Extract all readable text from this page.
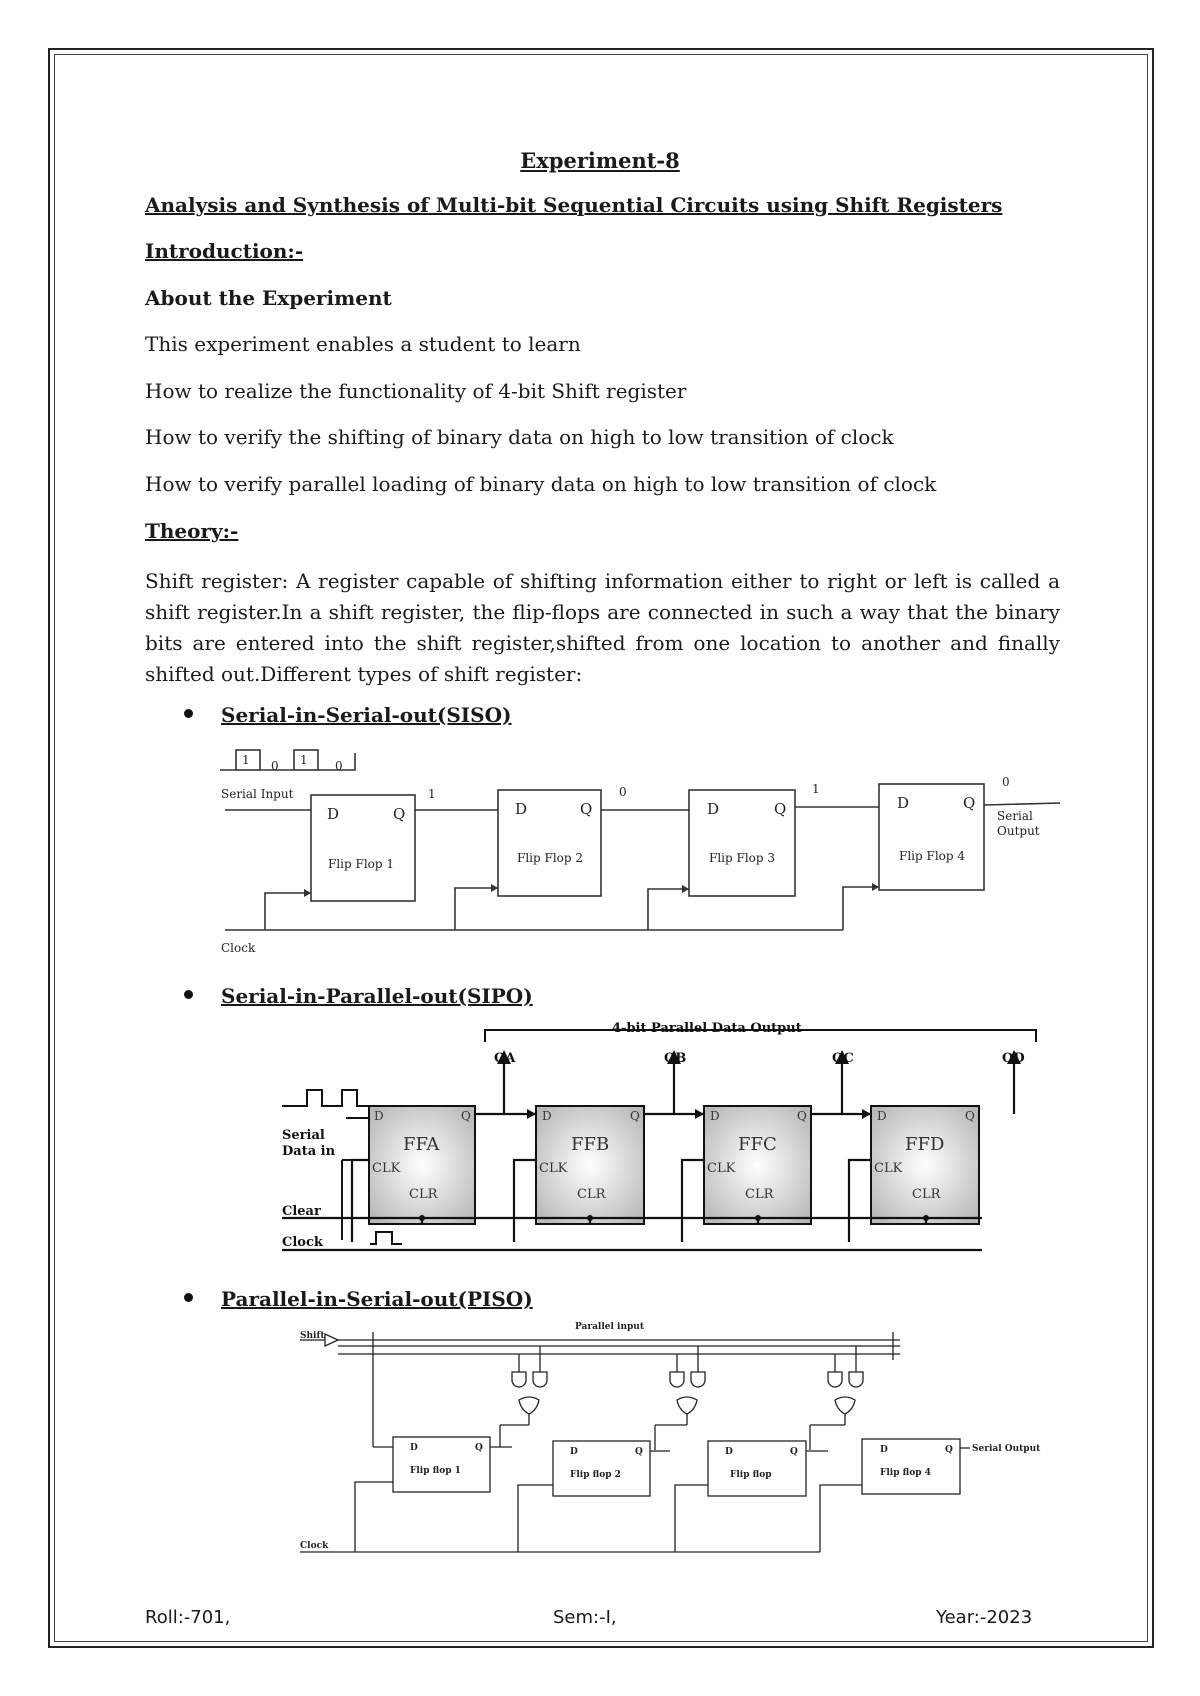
Experiment-8
Analysis and Synthesis of Multi-bit Sequential Circuits using Shift Registers
Introduction:-
About the Experiment
This experiment enables a student to learn
How to realize the functionality of 4-bit Shift register
How to verify the shifting of binary data on high to low transition of clock
How to verify parallel loading of binary data on high to low transition of clock
Theory:-
Shift register: A register capable of shifting information either to right or left is called a shift register.In a shift register, the flip-flops are connected in such a way that the binary bits are entered into the shift register,shifted from one location to another and finally shifted out.Different types of shift register:
Serial-in-Serial-out(SISO)
1 0 1 0
Serial Input
Clock
1	0	1	0
Serial
Output
D	Q	D	Q	D	Q	D	Q
Flip Flop 1	Flip Flop 2	Flip Flop 3	Flip Flop 4
Serial-in-Parallel-out(SIPO)
4-bit Parallel Data Output
QA	QB	QC	QD
Serial
Data in
Clear
Clock
FFA	FFB	FFC	FFD
D	Q	D	Q	D	Q	D	Q
CLK	CLK	CLK	CLK
CLR	CLR	CLR	CLR
Parallel-in-Serial-out(PISO)
Shift
Parallel input
Clock
Serial Output
Flip flop 1	Flip flop 2	Flip flop	Flip flop 4
D	Q	D	Q	D	Q	D	Q
Roll:-701,	Sem:-I,	Year:-2023
